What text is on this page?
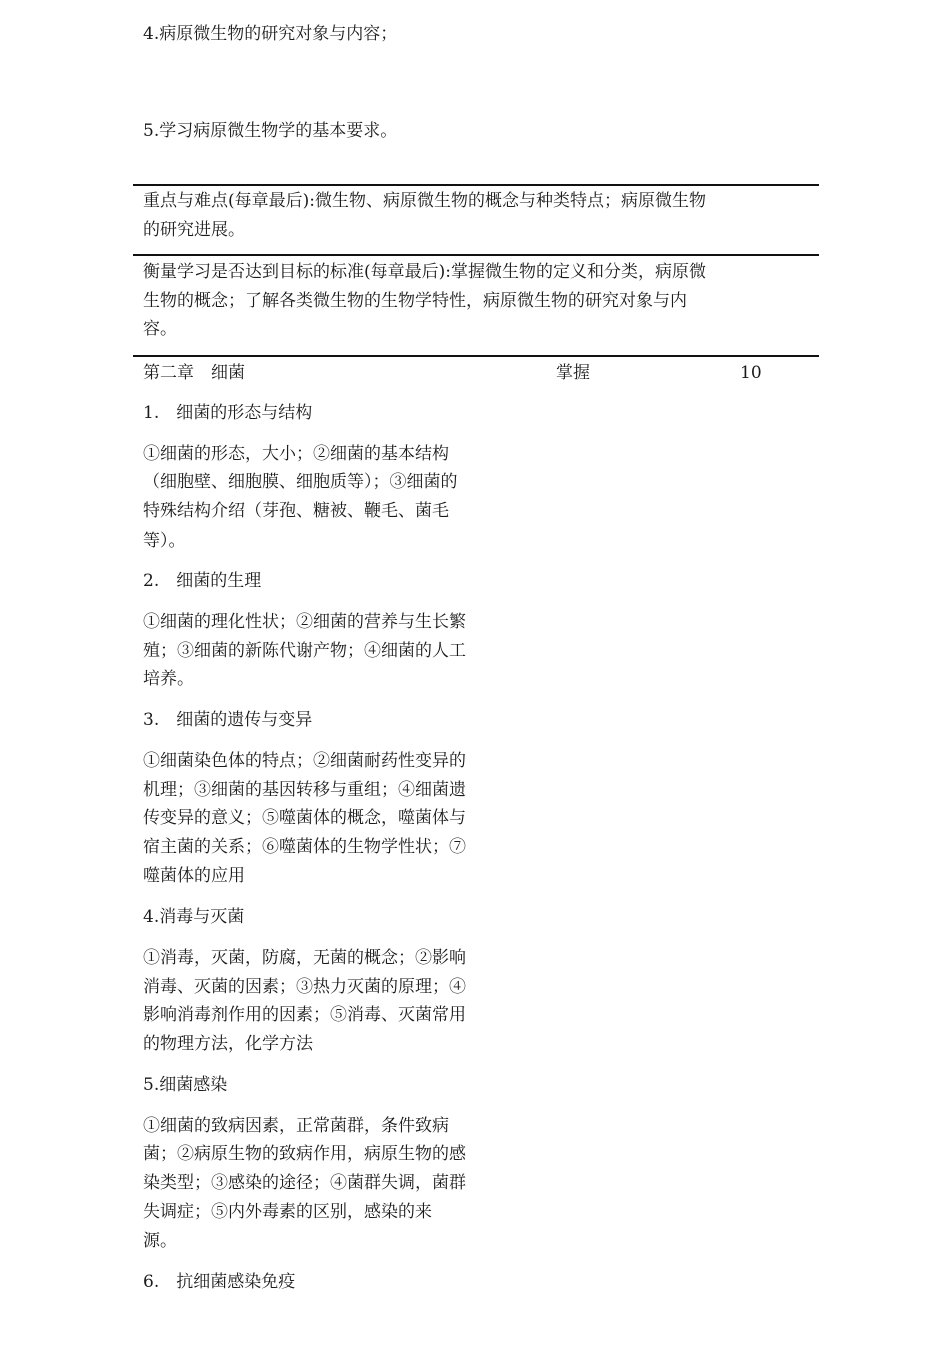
4.病原微生物的研究对象与内容；
5.学习病原微生物学的基本要求。
重点与难点(每章最后):微生物、病原微生物的概念与种类特点；病原微生物
的研究进展。
衡量学习是否达到目标的标准(每章最后):掌握微生物的定义和分类，病原微
生物的概念；了解各类微生物的生物学特性，病原微生物的研究对象与内
容。
第二章　细菌
1.　细菌的形态与结构
①细菌的形态，大小；②细菌的基本结构
（细胞壁、细胞膜、细胞质等）；③细菌的
特殊结构介绍（芽孢、糖被、鞭毛、菌毛
等）。
2.　细菌的生理
①细菌的理化性状；②细菌的营养与生长繁
殖；③细菌的新陈代谢产物；④细菌的人工
培养。
3.　细菌的遗传与变异
①细菌染色体的特点；②细菌耐药性变异的
机理；③细菌的基因转移与重组；④细菌遗
传变异的意义；⑤噬菌体的概念，噬菌体与
宿主菌的关系；⑥噬菌体的生物学性状；⑦
噬菌体的应用
4.消毒与灭菌
①消毒，灭菌，防腐，无菌的概念；②影响
消毒、灭菌的因素；③热力灭菌的原理；④
影响消毒剂作用的因素；⑤消毒、灭菌常用
的物理方法，化学方法
5.细菌感染
①细菌的致病因素，正常菌群，条件致病
菌；②病原生物的致病作用，病原生物的感
染类型；③感染的途径；④菌群失调，菌群
失调症；⑤内外毒素的区别，感染的来
源。
6.　抗细菌感染免疫
掌握	10
